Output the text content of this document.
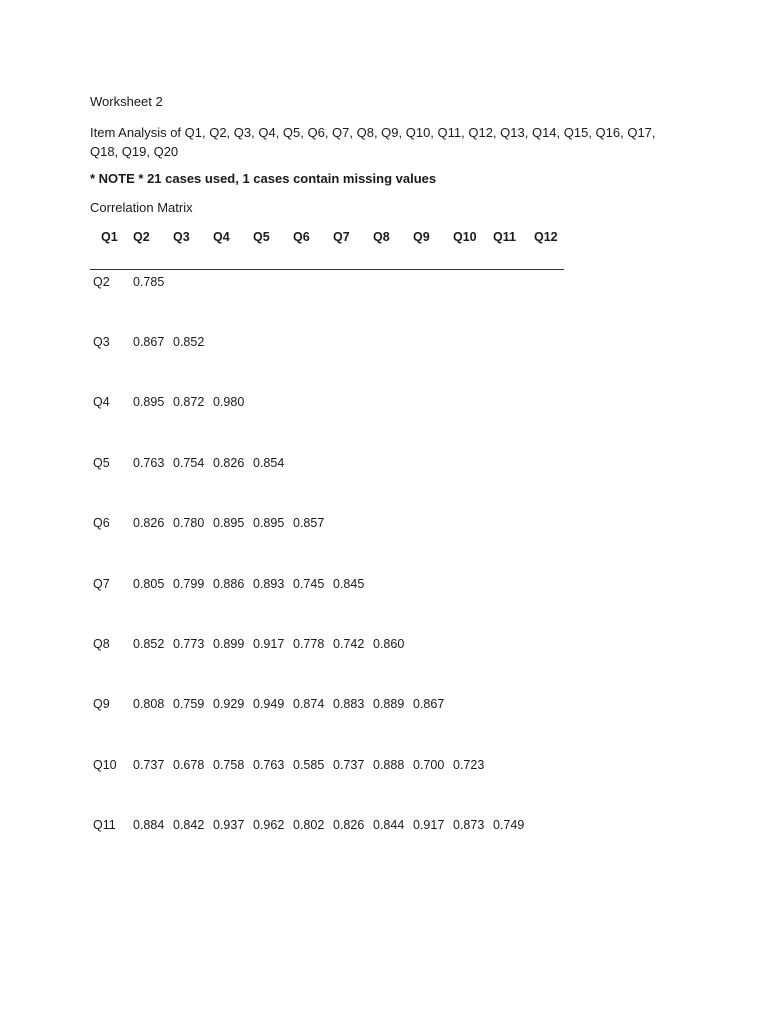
Worksheet 2
Item Analysis of Q1, Q2, Q3, Q4, Q5, Q6, Q7, Q8, Q9, Q10, Q11, Q12, Q13, Q14, Q15, Q16, Q17, Q18, Q19, Q20
* NOTE * 21 cases used, 1 cases contain missing values
Correlation Matrix
Q1 Q2 Q3 Q4 Q5 Q6 Q7 Q8 Q9 Q10 Q11 Q12
Q2	0.785
Q3	0.867 0.852
Q4	0.895 0.872 0.980
Q5	0.763 0.754 0.826 0.854
Q6	0.826 0.780 0.895 0.895 0.857
Q7	0.805 0.799 0.886 0.893 0.745 0.845
Q8	0.852 0.773 0.899 0.917 0.778 0.742 0.860
Q9	0.808 0.759 0.929 0.949 0.874 0.883 0.889 0.867
Q10 0.737 0.678 0.758 0.763 0.585 0.737 0.888 0.700 0.723
Q11 0.884 0.842 0.937 0.962 0.802 0.826 0.844 0.917 0.873 0.749
